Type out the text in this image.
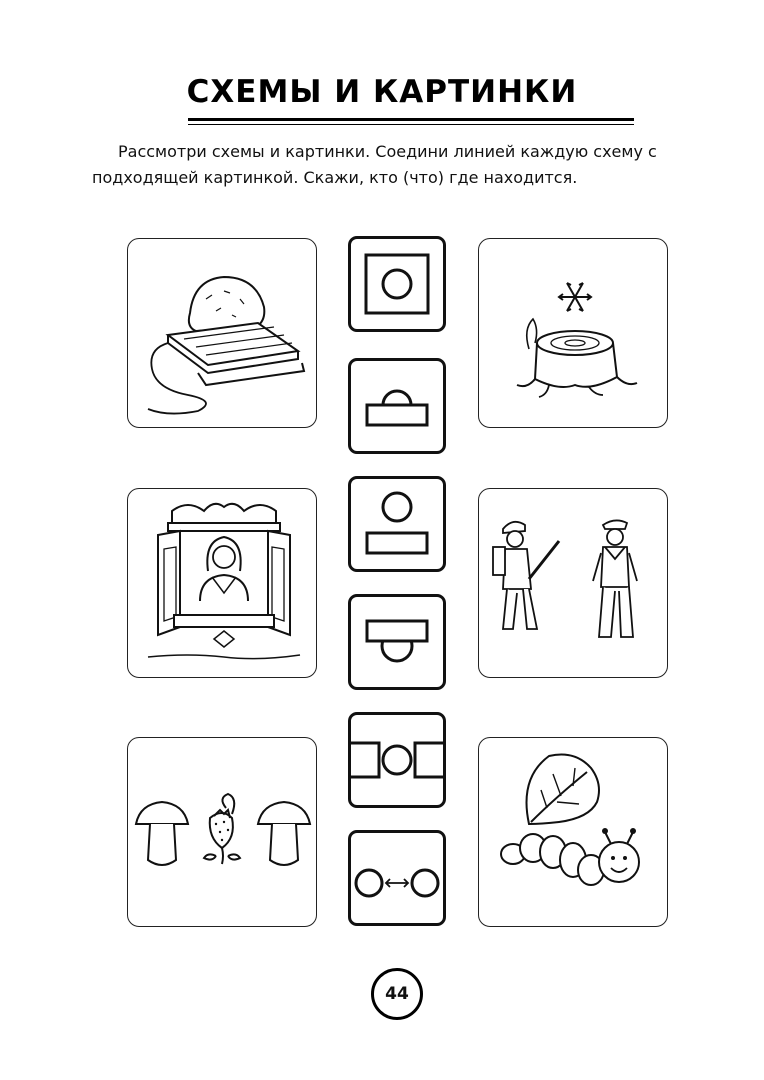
СХЕМЫ И КАРТИНКИ
Рассмотри схемы и картинки. Соедини линией каждую схему с
подходящей картинкой. Скажи, кто (что) где находится.
44
